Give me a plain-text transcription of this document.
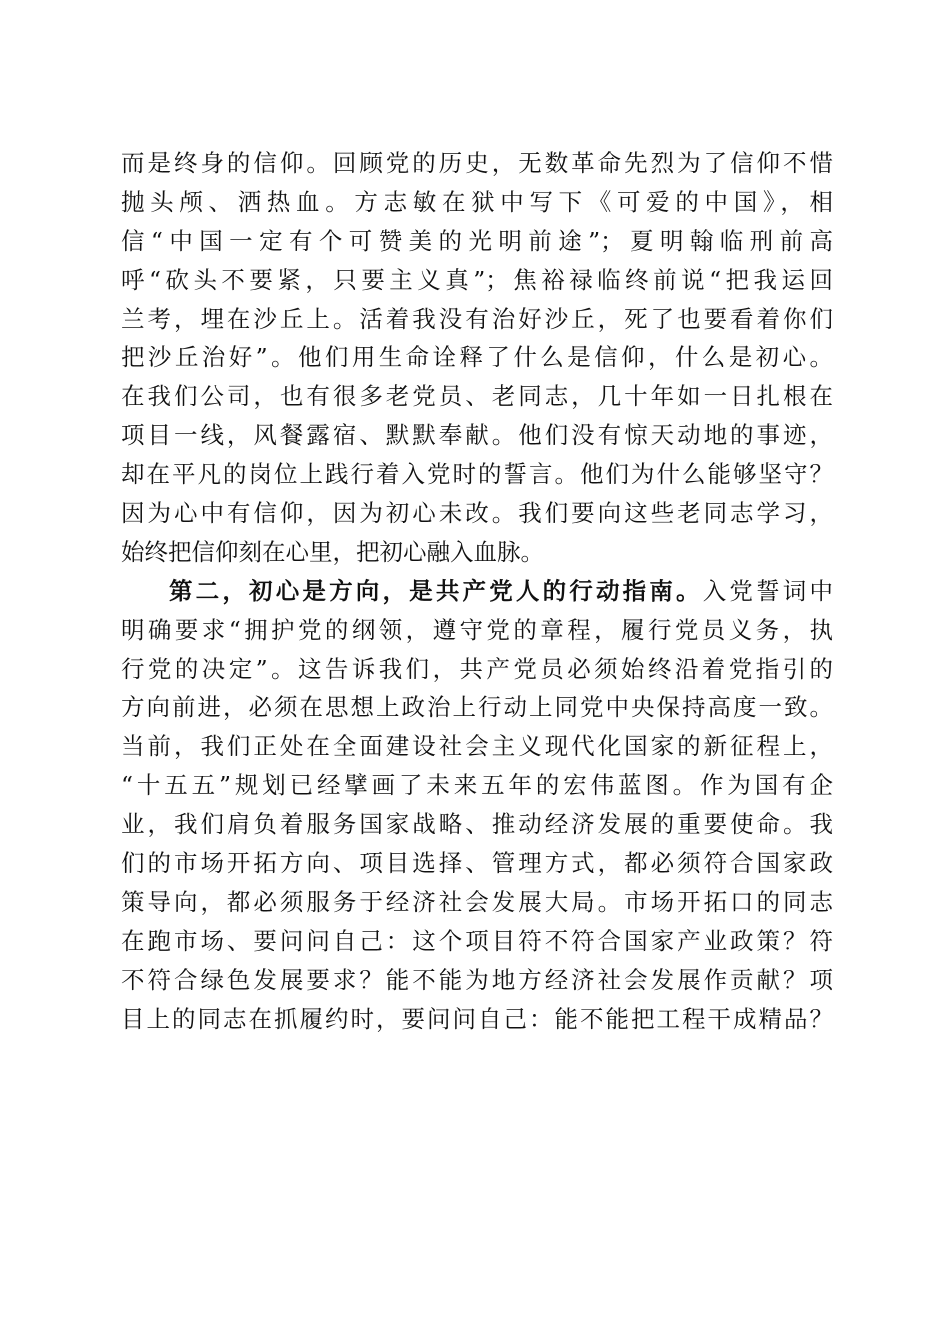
而是终身的信仰。回顾党的历史，无数革命先烈为了信仰不惜
抛头颅、洒热血。方志敏在狱中写下《可爱的中国》，相
信“中国一定有个可赞美的光明前途”；夏明翰临刑前高
呼“砍头不要紧，只要主义真”；焦裕禄临终前说“把我运回
兰考，埋在沙丘上。活着我没有治好沙丘，死了也要看着你们
把沙丘治好”。他们用生命诠释了什么是信仰，什么是初心。
在我们公司，也有很多老党员、老同志，几十年如一日扎根在
项目一线，风餐露宿、默默奉献。他们没有惊天动地的事迹，
却在平凡的岗位上践行着入党时的誓言。他们为什么能够坚守？
因为心中有信仰，因为初心未改。我们要向这些老同志学习，
始终把信仰刻在心里，把初心融入血脉。
第二，初心是方向，是共产党人的行动指南。入党誓词中
明确要求“拥护党的纲领，遵守党的章程，履行党员义务，执
行党的决定”。这告诉我们，共产党员必须始终沿着党指引的
方向前进，必须在思想上政治上行动上同党中央保持高度一致。
当前，我们正处在全面建设社会主义现代化国家的新征程上，
“十五五”规划已经擘画了未来五年的宏伟蓝图。作为国有企
业，我们肩负着服务国家战略、推动经济发展的重要使命。我
们的市场开拓方向、项目选择、管理方式，都必须符合国家政
策导向，都必须服务于经济社会发展大局。市场开拓口的同志
在跑市场、要问问自己：这个项目符不符合国家产业政策？符
不符合绿色发展要求？能不能为地方经济社会发展作贡献？项
目上的同志在抓履约时，要问问自己：能不能把工程干成精品？
